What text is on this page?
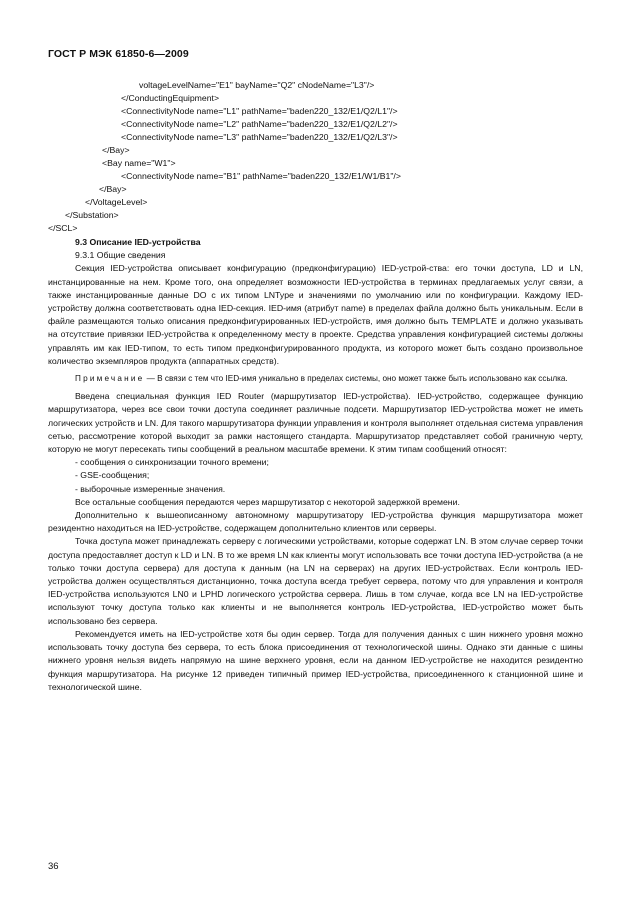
ГОСТ Р МЭК 61850-6—2009
voltageLevelName="E1" bayName="Q2" cNodeName="L3"/>
</ConductingEquipment>
<ConnectivityNode name="L1" pathName="baden220_132/E1/Q2/L1"/>
<ConnectivityNode name="L2" pathName="baden220_132/E1/Q2/L2"/>
<ConnectivityNode name="L3" pathName="baden220_132/E1/Q2/L3"/>
</Bay>
<Bay name="W1">
<ConnectivityNode name="B1" pathName="baden220_132/E1/W1/B1"/>
</Bay>
</VoltageLevel>
</Substation>
</SCL>
9.3 Описание IED-устройства
9.3.1 Общие сведения

Секция IED-устройства описывает конфигурацию (предконфигурацию) IED-устрой-ства: его точки доступа, LD и LN, инстанцированные на нем. Кроме того, она определяет возможности IED-устройства в терминах предлагаемых услуг связи, а также инстанцированные данные DO с их типом LNType и значениями по умолчанию или по конфигурации. Каждому IED-устройству должна соответствовать одна IED-секция. IED-имя (атрибут name) в пределах файла должно быть уникальным. Если в файле размещаются только описания предконфигурированных IED-устройств, имя должно быть TEMPLATE и должно указывать на отсутствие привязки IED-устройства к определенному месту в проекте. Средства управления конфигурацией системы должны управлять им как IED-типом, то есть типом предконфигурированного продукта, из которого может быть создано произвольное количество экземпляров продукта (аппаратных средств).

Примечание — В связи с тем что IED-имя уникально в пределах системы, оно может также быть использовано как ссылка.

Введена специальная функция IED Router (маршрутизатор IED-устройства). IED-устройство, содержащее функцию маршрутизатора, через все свои точки доступа соединяет различные подсети. Маршрутизатор IED-устройства может не иметь логических устройств и LN. Для такого маршрутизатора функции управления и контроля выполняет отдельная система управления сетью, рассмотрение которой выходит за рамки настоящего стандарта. Маршрутизатор представляет собой граничную черту, которую не могут пересекать типы сообщений в реальном масштабе времени. К этим типам сообщений относят:

- сообщения о синхронизации точного времени;

- GSE-сообщения;

- выборочные измеренные значения.

Все остальные сообщения передаются через маршрутизатор с некоторой задержкой времени.

Дополнительно к вышеописанному автономному маршрутизатору IED-устройства функция маршрутизатора может резидентно находиться на IED-устройстве, содержащем дополнительно клиентов или серверы.

Точка доступа может принадлежать серверу с логическими устройствами, которые содержат LN. В этом случае сервер точки доступа предоставляет доступ к LD и LN. В то же время LN как клиенты могут использовать все точки доступа IED-устройства (а не только точки доступа сервера) для доступа к данным (на LN на серверах) на других IED-устройствах. Если контроль IED-устройства должен осуществляться дистанционно, точка доступа всегда требует сервера, потому что для управления и контроля IED-устройства используются LN0 и LPHD логического устройства сервера. Лишь в том случае, когда все LN на IED-устройстве используют точку доступа только как клиенты и не выполняется контроль IED-устройства, IED-устройство может быть использовано без сервера.

Рекомендуется иметь на IED-устройстве хотя бы один сервер. Тогда для получения данных с шин нижнего уровня можно использовать точку доступа без сервера, то есть блока присоединения от технологической шины. Однако эти данные с шины нижнего уровня нельзя видеть напрямую на шине верхнего уровня, если на данном IED-устройстве не находится резидентно функция маршрутизатора. На рисунке 12 приведен типичный пример IED-устройства, присоединенного к станционной шине и технологической шине.

36
